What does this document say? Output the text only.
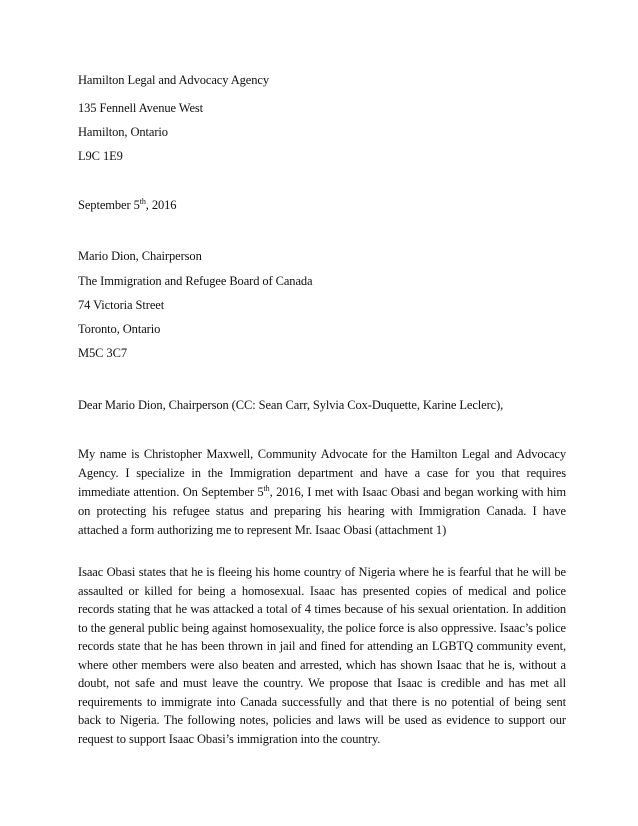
Hamilton Legal and Advocacy Agency
135 Fennell Avenue West
Hamilton, Ontario
L9C 1E9
September 5th, 2016
Mario Dion, Chairperson
The Immigration and Refugee Board of Canada
74 Victoria Street
Toronto, Ontario
M5C 3C7
Dear Mario Dion, Chairperson (CC: Sean Carr, Sylvia Cox-Duquette, Karine Leclerc),
My name is Christopher Maxwell, Community Advocate for the Hamilton Legal and Advocacy Agency. I specialize in the Immigration department and have a case for you that requires immediate attention. On September 5th, 2016, I met with Isaac Obasi and began working with him on protecting his refugee status and preparing his hearing with Immigration Canada. I have attached a form authorizing me to represent Mr. Isaac Obasi (attachment 1)
Isaac Obasi states that he is fleeing his home country of Nigeria where he is fearful that he will be assaulted or killed for being a homosexual. Isaac has presented copies of medical and police records stating that he was attacked a total of 4 times because of his sexual orientation. In addition to the general public being against homosexuality, the police force is also oppressive. Isaac’s police records state that he has been thrown in jail and fined for attending an LGBTQ community event, where other members were also beaten and arrested, which has shown Isaac that he is, without a doubt, not safe and must leave the country. We propose that Isaac is credible and has met all requirements to immigrate into Canada successfully and that there is no potential of being sent back to Nigeria. The following notes, policies and laws will be used as evidence to support our request to support Isaac Obasi’s immigration into the country.
